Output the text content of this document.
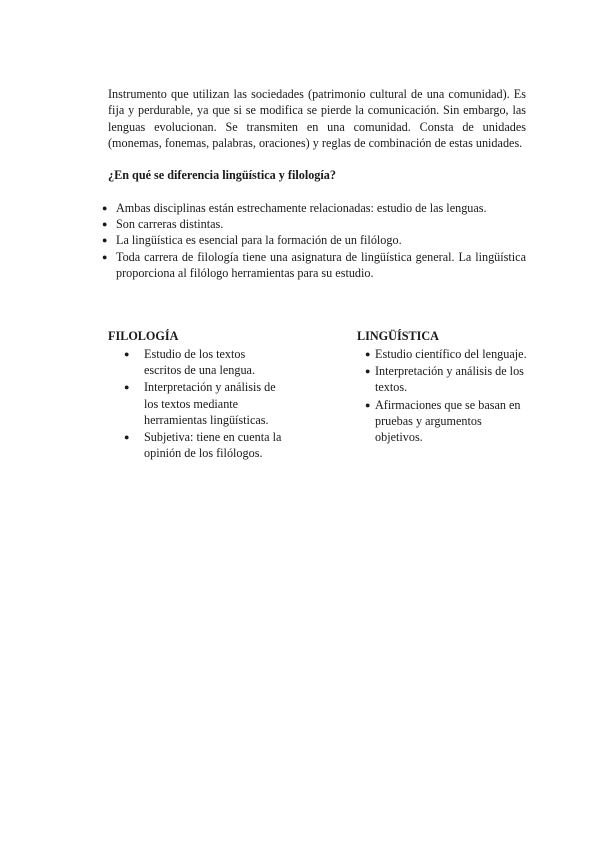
Instrumento que utilizan las sociedades (patrimonio cultural de una comunidad). Es fija y perdurable, ya que si se modifica se pierde la comunicación. Sin embargo, las lenguas evolucionan. Se transmiten en una comunidad. Consta de unidades (monemas, fonemas, palabras, oraciones) y reglas de combinación de estas unidades.

¿En qué se diferencia lingüística y filología?

● Ambas disciplinas están estrechamente relacionadas: estudio de las lenguas.
● Son carreras distintas.
● La lingüística es esencial para la formación de un filólogo.
● Toda carrera de filología tiene una asignatura de lingüística general. La lingüística proporciona al filólogo herramientas para su estudio.

FILOLOGÍA

● Estudio de los textos escritos de una lengua.
● Interpretación y análisis de los textos mediante herramientas lingüísticas.
● Subjetiva: tiene en cuenta la opinión de los filólogos.

LINGÜÍSTICA

● Estudio científico del lenguaje.
● Interpretación y análisis de los textos.
● Afirmaciones que se basan en pruebas y argumentos objetivos.
